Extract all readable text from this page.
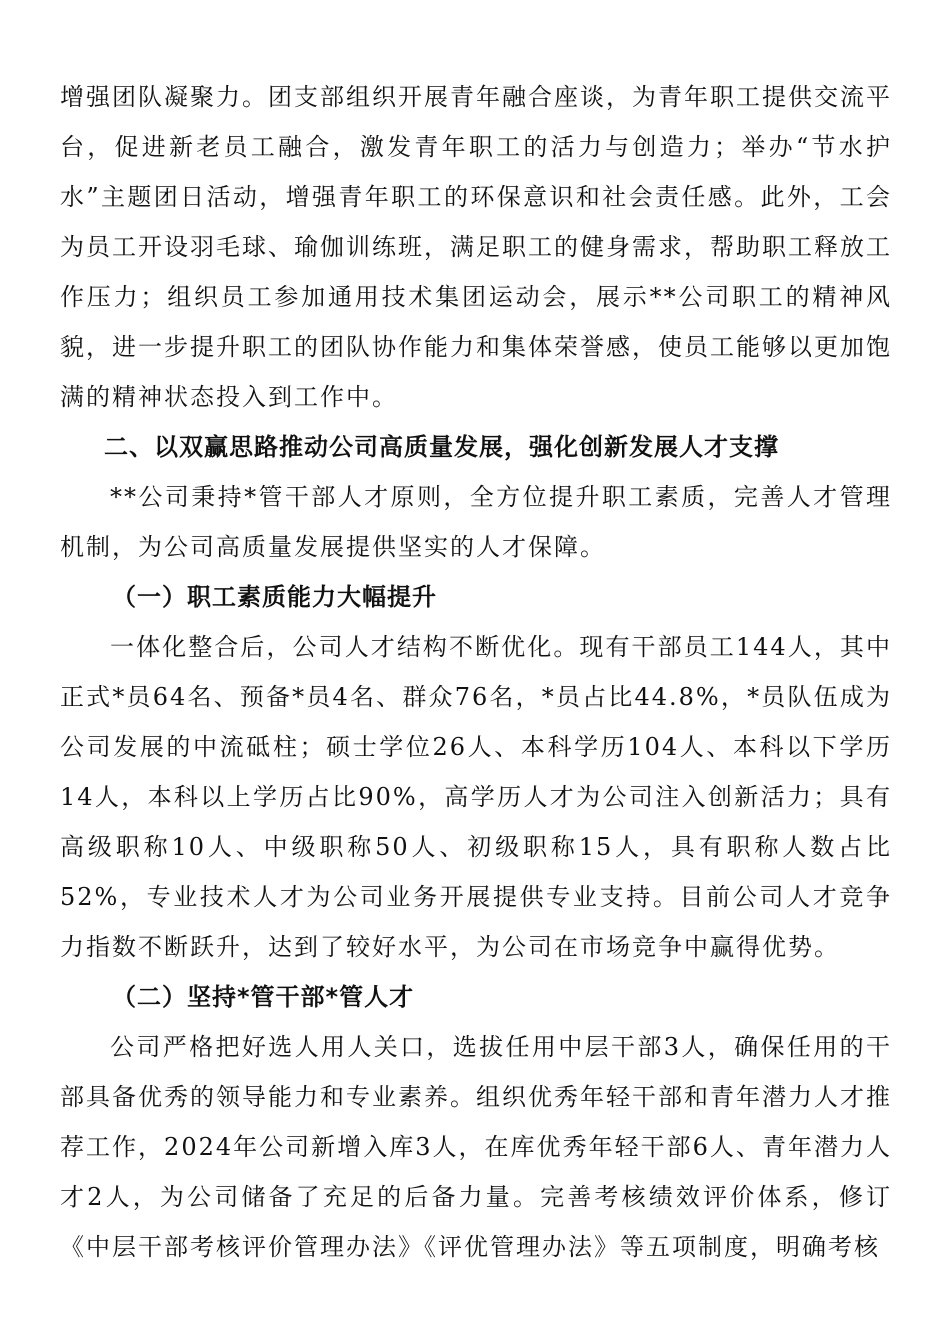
增强团队凝聚力。团支部组织开展青年融合座谈，为青年职工提供交流平台，促进新老员工融合，激发青年职工的活力与创造力；举办“节水护水”主题团日活动，增强青年职工的环保意识和社会责任感。此外，工会为员工开设羽毛球、瑜伽训练班，满足职工的健身需求，帮助职工释放工作压力；组织员工参加通用技术集团运动会，展示**公司职工的精神风貌，进一步提升职工的团队协作能力和集体荣誉感，使员工能够以更加饱满的精神状态投入到工作中。

二、以双赢思路推动公司高质量发展，强化创新发展人才支撑

**公司秉持*管干部人才原则，全方位提升职工素质，完善人才管理机制，为公司高质量发展提供坚实的人才保障。

（一）职工素质能力大幅提升

一体化整合后，公司人才结构不断优化。现有干部员工144人，其中正式*员64名、预备*员4名、群众76名，*员占比44.8%，*员队伍成为公司发展的中流砥柱；硕士学位26人、本科学历104人、本科以下学历14人，本科以上学历占比90%，高学历人才为公司注入创新活力；具有高级职称10人、中级职称50人、初级职称15人，具有职称人数占比52%，专业技术人才为公司业务开展提供专业支持。目前公司人才竞争力指数不断跃升，达到了较好水平，为公司在市场竞争中赢得优势。

（二）坚持*管干部*管人才

公司严格把好选人用人关口，选拔任用中层干部3人，确保任用的干部具备优秀的领导能力和专业素养。组织优秀年轻干部和青年潜力人才推荐工作，2024年公司新增入库3人，在库优秀年轻干部6人、青年潜力人才2人，为公司储备了充足的后备力量。完善考核绩效评价体系，修订《中层干部考核评价管理办法》《评优管理办法》等五项制度，明确考核
